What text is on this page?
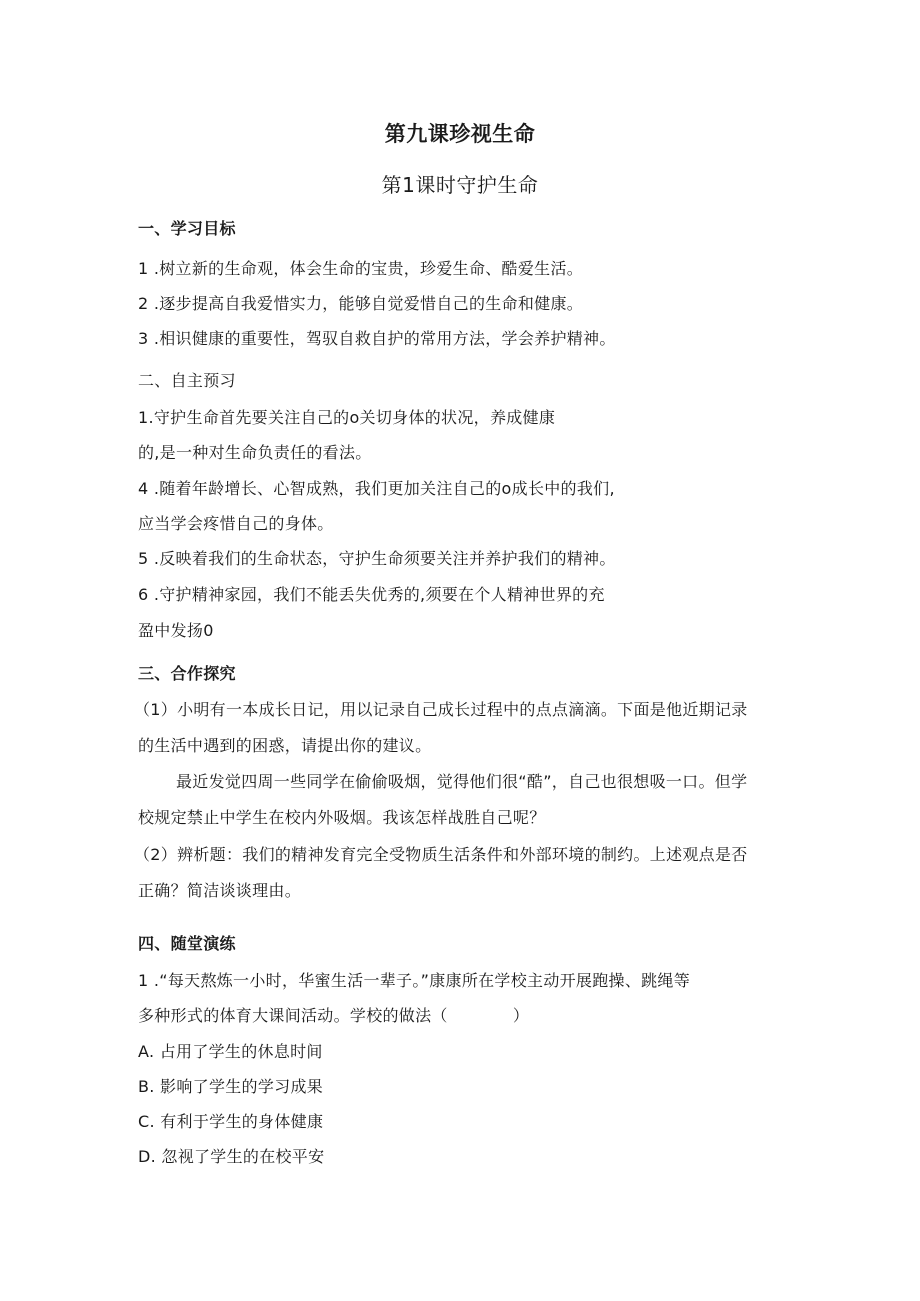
第九课珍视生命
第1课时守护生命
一、学习目标
1 .树立新的生命观，体会生命的宝贵，珍爱生命、酷爱生活。
2 .逐步提高自我爱惜实力，能够自觉爱惜自己的生命和健康。
3 .相识健康的重要性，驾驭自救自护的常用方法，学会养护精神。
二、自主预习
1.守护生命首先要关注自己的o关切身体的状况，养成健康
的,是一种对生命负责任的看法。
4 .随着年龄增长、心智成熟，我们更加关注自己的o成长中的我们,
应当学会疼惜自己的身体。
5 .反映着我们的生命状态，守护生命须要关注并养护我们的精神。
6 .守护精神家园，我们不能丢失优秀的,须要在个人精神世界的充
盈中发扬0
三、合作探究
（1）小明有一本成长日记，用以记录自己成长过程中的点点滴滴。下面是他近期记录
的生活中遇到的困惑，请提出你的建议。
最近发觉四周一些同学在偷偷吸烟，觉得他们很“酷”，自己也很想吸一口。但学
校规定禁止中学生在校内外吸烟。我该怎样战胜自己呢？
（2）辨析题：我们的精神发育完全受物质生活条件和外部环境的制约。上述观点是否
正确？简洁谈谈理由。
四、随堂演练
1 .“每天熬炼一小时，华蜜生活一辈子。”康康所在学校主动开展跑操、跳绳等
多种形式的体育大课间活动。学校的做法（　　　　）
A. 占用了学生的休息时间
B. 影响了学生的学习成果
C. 有利于学生的身体健康
D. 忽视了学生的在校平安
